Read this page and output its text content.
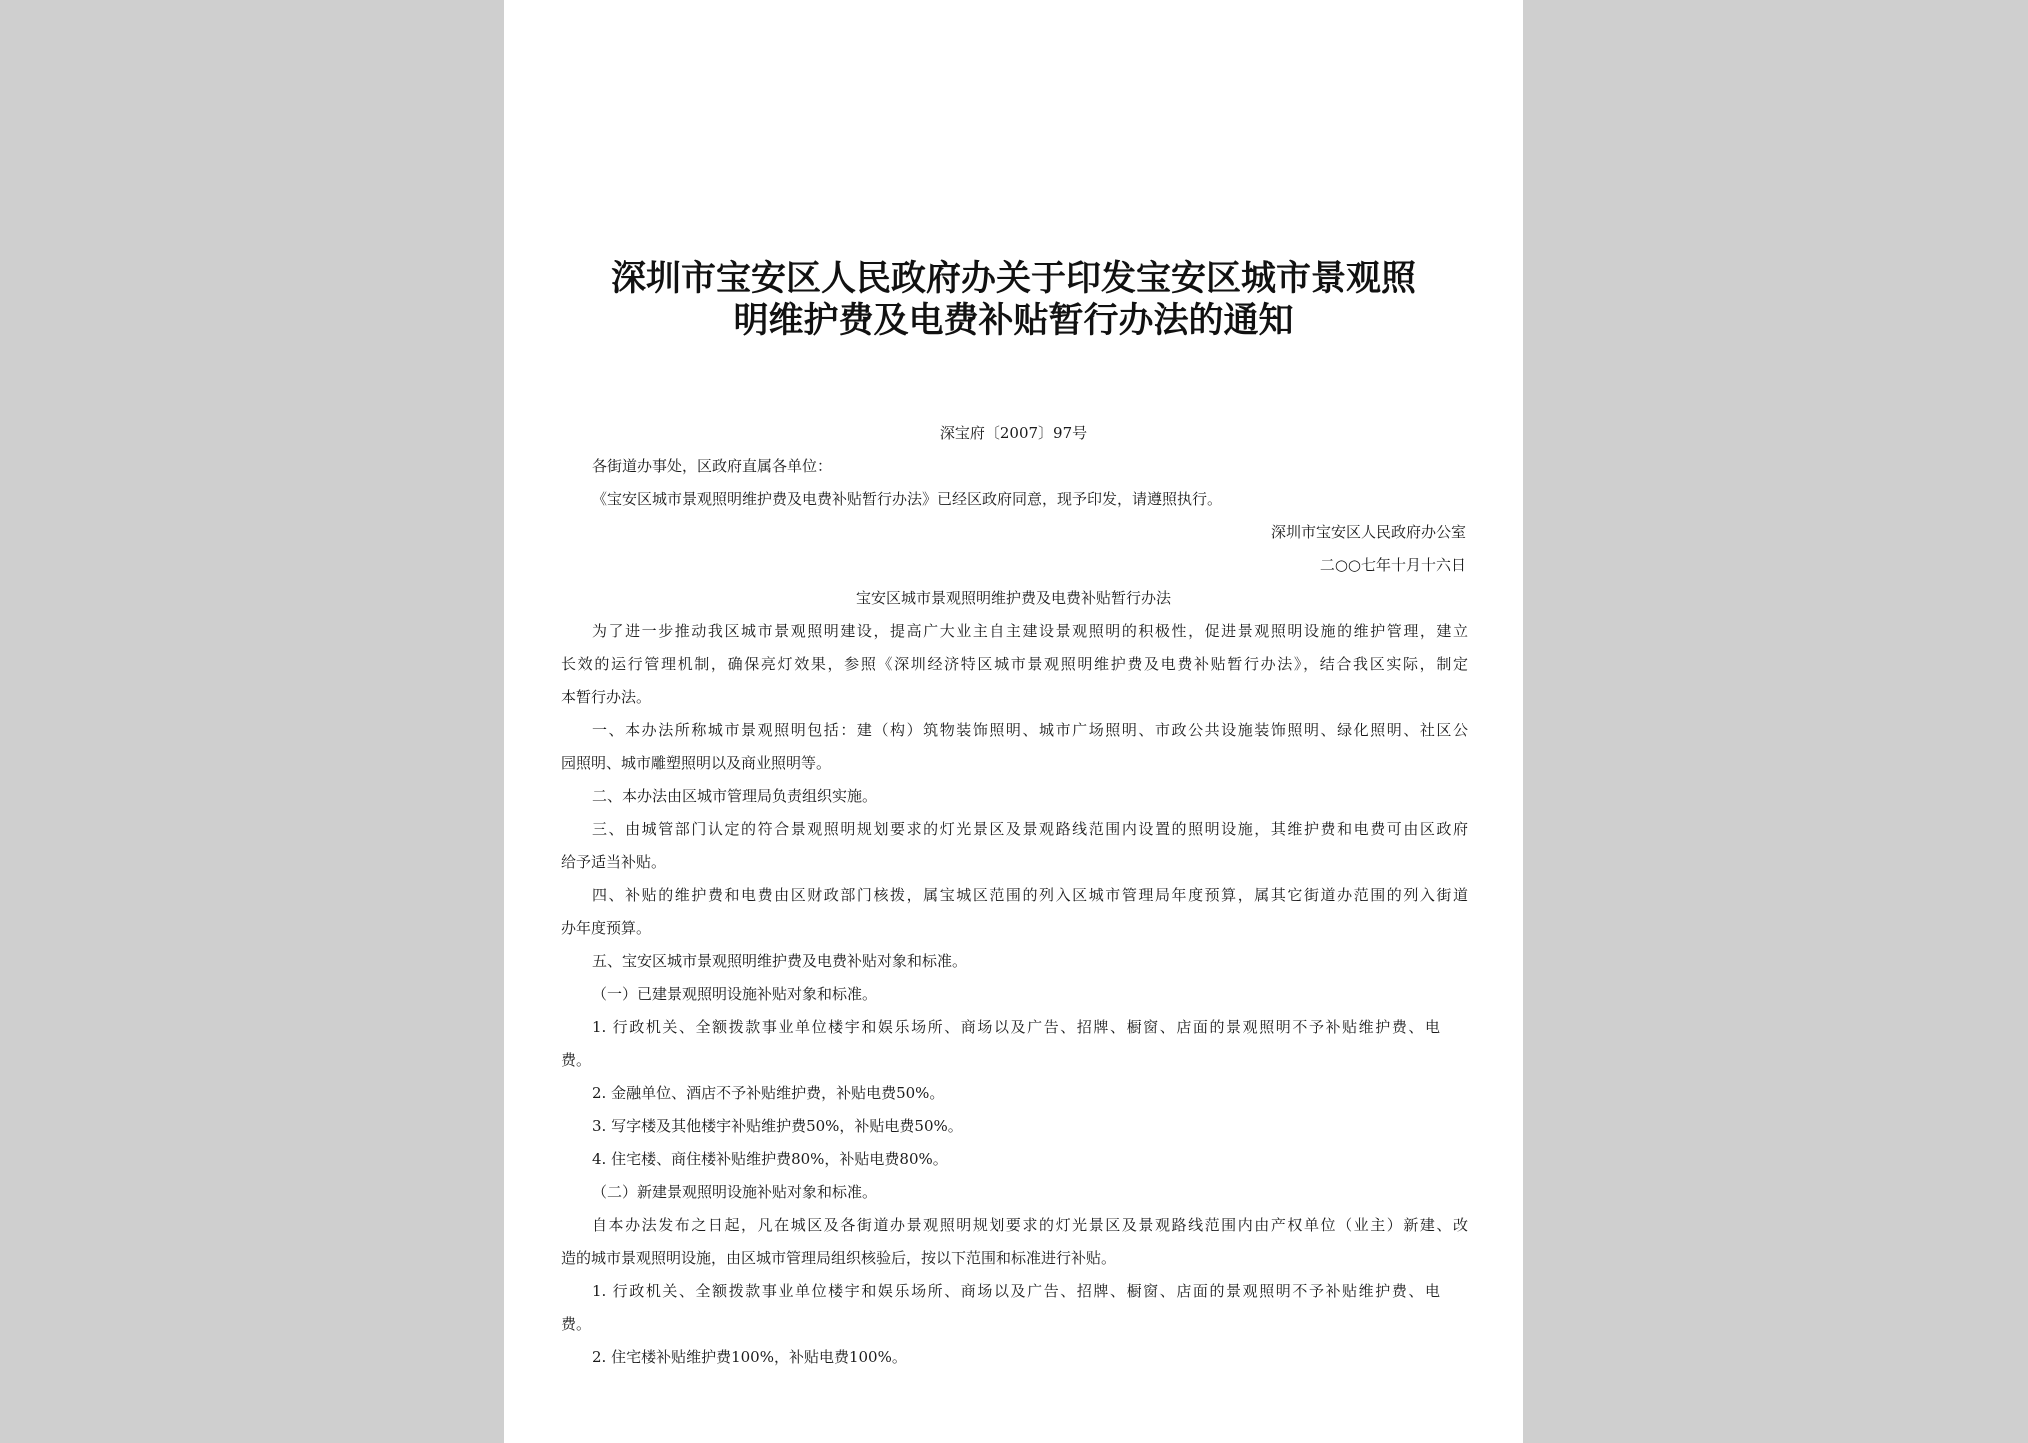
深圳市宝安区人民政府办关于印发宝安区城市景观照
明维护费及电费补贴暂行办法的通知
深宝府〔2007〕97号
各街道办事处，区政府直属各单位：
《宝安区城市景观照明维护费及电费补贴暂行办法》已经区政府同意，现予印发，请遵照执行。
深圳市宝安区人民政府办公室
二○○七年十月十六日
宝安区城市景观照明维护费及电费补贴暂行办法
为了进一步推动我区城市景观照明建设，提高广大业主自主建设景观照明的积极性，促进景观照明设施的维护管理，建立
长效的运行管理机制，确保亮灯效果，参照《深圳经济特区城市景观照明维护费及电费补贴暂行办法》，结合我区实际，制定
本暂行办法。
一、本办法所称城市景观照明包括：建（构）筑物装饰照明、城市广场照明、市政公共设施装饰照明、绿化照明、社区公
园照明、城市雕塑照明以及商业照明等。
二、本办法由区城市管理局负责组织实施。
三、由城管部门认定的符合景观照明规划要求的灯光景区及景观路线范围内设置的照明设施，其维护费和电费可由区政府
给予适当补贴。
四、补贴的维护费和电费由区财政部门核拨，属宝城区范围的列入区城市管理局年度预算，属其它街道办范围的列入街道
办年度预算。
五、宝安区城市景观照明维护费及电费补贴对象和标准。
（一）已建景观照明设施补贴对象和标准。
1. 行政机关、全额拨款事业单位楼宇和娱乐场所、商场以及广告、招牌、橱窗、店面的景观照明不予补贴维护费、电
费。
2. 金融单位、酒店不予补贴维护费，补贴电费50%。
3. 写字楼及其他楼宇补贴维护费50%，补贴电费50%。
4. 住宅楼、商住楼补贴维护费80%，补贴电费80%。
（二）新建景观照明设施补贴对象和标准。
自本办法发布之日起，凡在城区及各街道办景观照明规划要求的灯光景区及景观路线范围内由产权单位（业主）新建、改
造的城市景观照明设施，由区城市管理局组织核验后，按以下范围和标准进行补贴。
1. 行政机关、全额拨款事业单位楼宇和娱乐场所、商场以及广告、招牌、橱窗、店面的景观照明不予补贴维护费、电
费。
2. 住宅楼补贴维护费100%，补贴电费100%。
